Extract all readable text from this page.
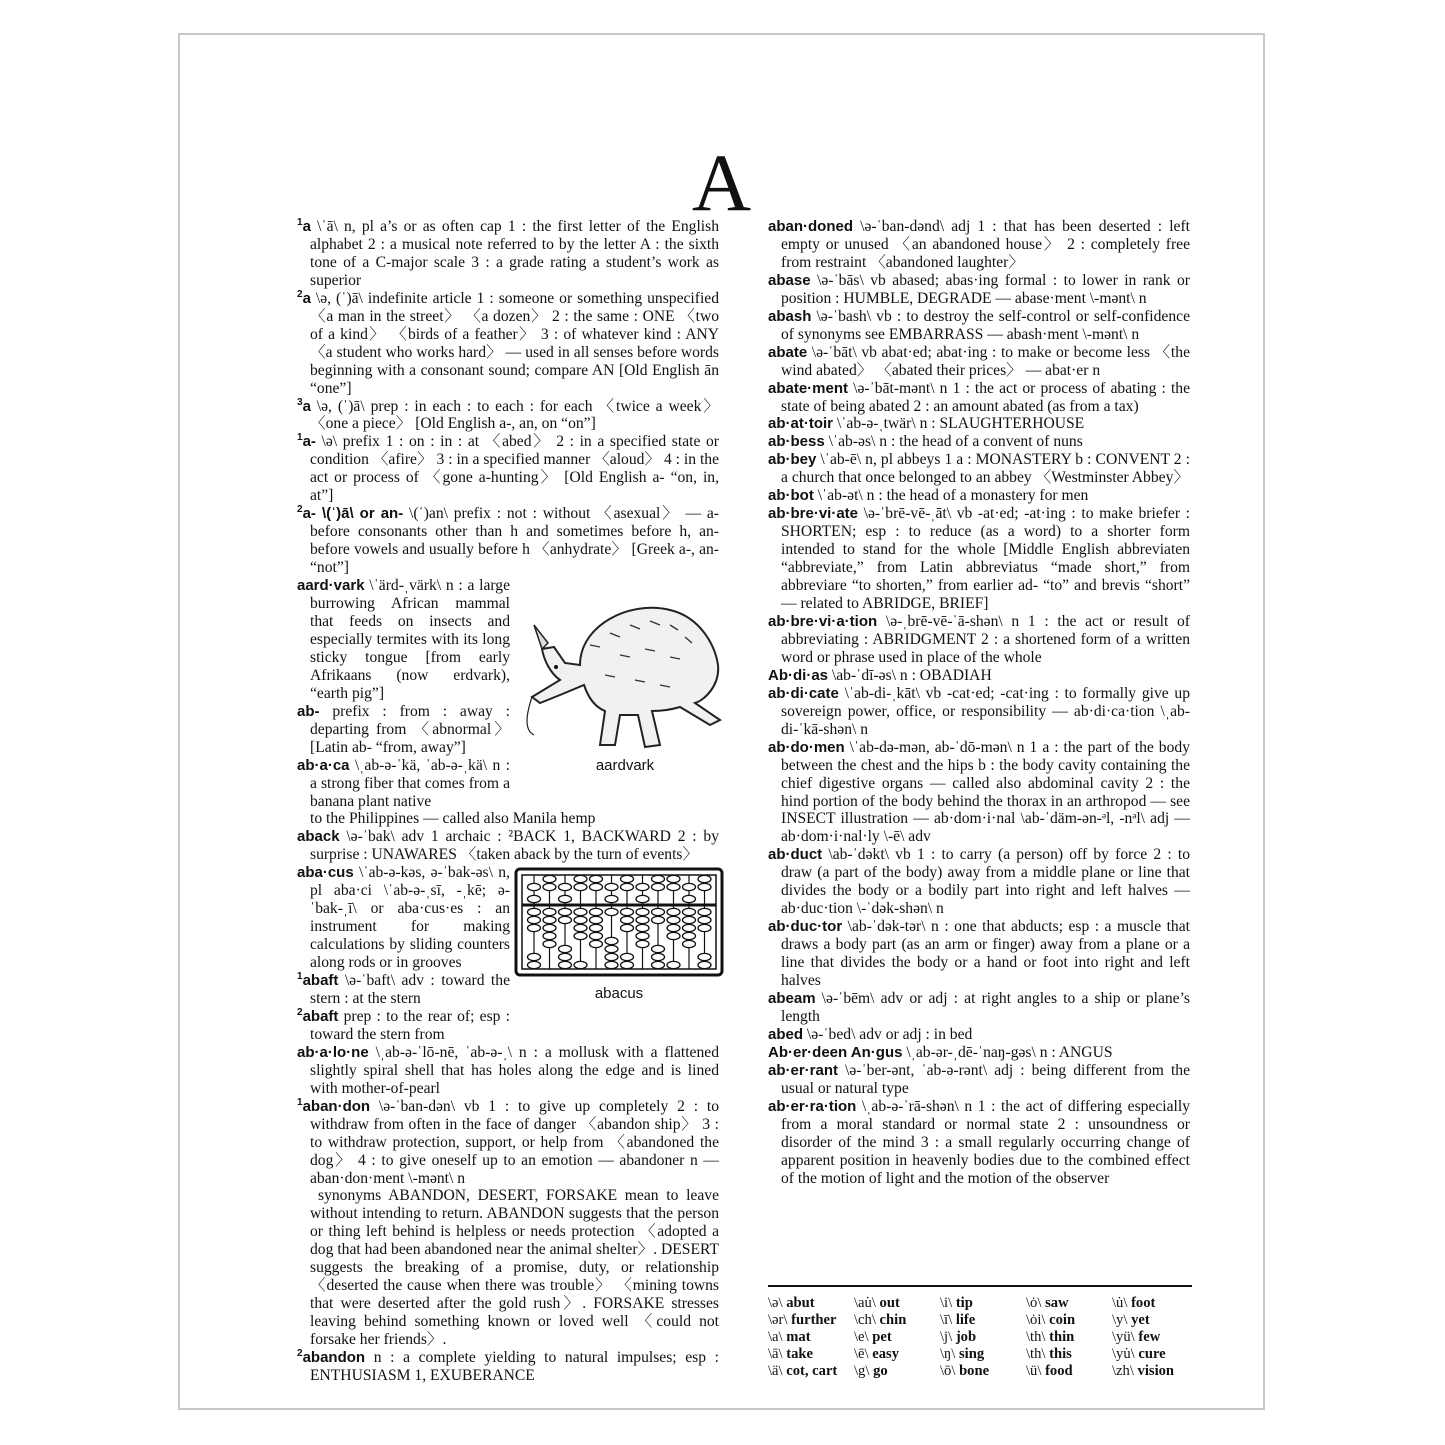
A

$^1$a \ˈā\ n, pl a’s or as often cap 1 : the first letter of the English alphabet 2 : a musical note referred to by the letter A : the sixth tone of a C-major scale 3 : a grade rating a student’s work as superior

$^2$a \ə, (ˈ)ā\ indefinite article 1 : someone or something unspecified 〈a man in the street〉 〈a dozen〉 2 : the same : ONE 〈two of a kind〉 〈birds of a feather〉 3 : of whatever kind : ANY 〈a student who works hard〉 — used in all senses before words beginning with a consonant sound; compare AN [Old English ān “one”]

$^3$a \ə, (ˈ)ā\ prep : in each : to each : for each 〈twice a week〉 〈one a piece〉 [Old English a-, an, on “on”]

$^1$a- \ə\ prefix 1 : on : in : at 〈abed〉 2 : in a specified state or condition 〈afire〉 3 : in a specified manner 〈aloud〉 4 : in the act or process of 〈gone a-hunting〉 [Old English a- “on, in, at”]

$^2$a- \(ˈ)ā\ or an- \(ˈ)an\ prefix : not : without 〈asexual〉 — a- before consonants other than h and sometimes before h, an- before vowels and usually before h 〈anhydrate〉 [Greek a-, an- “not”]

aard·vark \ˈärd-ˌvärk\ n : a large burrowing African mammal that feeds on insects and especially termites with its long sticky tongue [from early Afrikaans (now erdvark), “earth pig”]

ab- prefix : from : away : departing from 〈abnormal〉 [Latin ab- “from, away”]

ab·a·ca \ˌab-ə-ˈkä, ˈab-ə-ˌkä\ n : a strong fiber that comes from a banana plant native

to the Philippines — called also Manila hemp

aback \ə-ˈbak\ adv 1 archaic : ²BACK 1, BACKWARD 2 : by surprise : UNAWARES 〈taken aback by the turn of events〉

aba·cus \ˈab-ə-kəs, ə-ˈbak-əs\ n, pl aba·ci \ˈab-ə-ˌsī, -ˌkē; ə-ˈbak-ˌī\ or aba·cus·es : an instrument for making calculations by sliding counters along rods or in grooves

$^1$abaft \ə-ˈbaft\ adv : toward the stern : at the stern

$^2$abaft prep : to the rear of; esp : toward the stern from

ab·a·lo·ne \ˌab-ə-ˈlō-nē, ˈab-ə-ˌ\ n : a mollusk with a flattened slightly spiral shell that has holes along the edge and is lined with mother-of-pearl

$^1$aban·don \ə-ˈban-dən\ vb 1 : to give up completely 2 : to withdraw from often in the face of danger 〈abandon ship〉 3 : to withdraw protection, support, or help from 〈abandoned the dog〉 4 : to give oneself up to an emotion — abandoner n — aban·don·ment \-mənt\ n

synonyms ABANDON, DESERT, FORSAKE mean to leave without intending to return. ABANDON suggests that the person or thing left behind is helpless or needs protection 〈adopted a dog that had been abandoned near the animal shelter〉. DESERT suggests the breaking of a promise, duty, or relationship 〈deserted the cause when there was trouble〉 〈mining towns that were deserted after the gold rush〉. FORSAKE stresses leaving behind something known or loved well 〈could not forsake her friends〉.

$^2$abandon n : a complete yielding to natural impulses; esp : ENTHUSIASM 1, EXUBERANCE

aardvark
abacus

aban·doned \ə-ˈban-dənd\ adj 1 : that has been deserted : left empty or unused 〈an abandoned house〉 2 : completely free from restraint 〈abandoned laughter〉

abase \ə-ˈbās\ vb abased; abas·ing formal : to lower in rank or position : HUMBLE, DEGRADE — abase·ment \-mənt\ n

abash \ə-ˈbash\ vb : to destroy the self-control or self-confidence of synonyms see EMBARRASS — abash·ment \-mənt\ n

abate \ə-ˈbāt\ vb abat·ed; abat·ing : to make or become less 〈the wind abated〉 〈abated their prices〉 — abat·er n

abate·ment \ə-ˈbāt-mənt\ n 1 : the act or process of abating : the state of being abated 2 : an amount abated (as from a tax)

ab·at·toir \ˈab-ə-ˌtwär\ n : SLAUGHTERHOUSE

ab·bess \ˈab-əs\ n : the head of a convent of nuns

ab·bey \ˈab-ē\ n, pl abbeys 1 a : MONASTERY b : CONVENT 2 : a church that once belonged to an abbey 〈Westminster Abbey〉

ab·bot \ˈab-ət\ n : the head of a monastery for men

ab·bre·vi·ate \ə-ˈbrē-vē-ˌāt\ vb -at·ed; -at·ing : to make briefer : SHORTEN; esp : to reduce (as a word) to a shorter form intended to stand for the whole [Middle English abbreviaten “abbreviate,” from Latin abbreviatus “made short,” from abbreviare “to shorten,” from earlier ad- “to” and brevis “short” — related to ABRIDGE, BRIEF]

ab·bre·vi·a·tion \ə-ˌbrē-vē-ˈā-shən\ n 1 : the act or result of abbreviating : ABRIDGMENT 2 : a shortened form of a written word or phrase used in place of the whole

Ab·di·as \ab-ˈdī-əs\ n : OBADIAH

ab·di·cate \ˈab-di-ˌkāt\ vb -cat·ed; -cat·ing : to formally give up sovereign power, office, or responsibility — ab·di·ca·tion \ˌab-di-ˈkā-shən\ n

ab·do·men \ˈab-də-mən, ab-ˈdō-mən\ n 1 a : the part of the body between the chest and the hips b : the body cavity containing the chief digestive organs — called also abdominal cavity 2 : the hind portion of the body behind the thorax in an arthropod — see INSECT illustration — ab·dom·i·nal \ab-ˈdäm-ən-ᵊl, -nᵊl\ adj — ab·dom·i·nal·ly \-ē\ adv

ab·duct \ab-ˈdəkt\ vb 1 : to carry (a person) off by force 2 : to draw (a part of the body) away from a middle plane or line that divides the body or a bodily part into right and left halves — ab·duc·tion \-ˈdək-shən\ n

ab·duc·tor \ab-ˈdək-tər\ n : one that abducts; esp : a muscle that draws a body part (as an arm or finger) away from a plane or a line that divides the body or a hand or foot into right and left halves

abeam \ə-ˈbēm\ adv or adj : at right angles to a ship or plane’s length

abed \ə-ˈbed\ adv or adj : in bed

Ab·er·deen An·gus \ˌab-ər-ˌdē-ˈnaŋ-gəs\ n : ANGUS

ab·er·rant \ə-ˈber-ənt, ˈab-ə-rənt\ adj : being different from the usual or natural type

ab·er·ra·tion \ˌab-ə-ˈrā-shən\ n 1 : the act of differing especially from a moral standard or normal state 2 : unsoundness or disorder of the mind 3 : a small regularly occurring change of apparent position in heavenly bodies due to the combined effect of the motion of light and the motion of the observer

\ə\ abut	\au̇\ out	\i\ tip	\ȯ\ saw	\u̇\ foot
\ər\ further	\ch\ chin	\ī\ life	\ȯi\ coin	\y\ yet
\a\ mat	\e\ pet	\j\ job	\th\ thin	\yü\ few
\ā\ take	\ē\ easy	\ŋ\ sing	\th\ this	\yu̇\ cure
\ä\ cot, cart	\g\ go	\ō\ bone	\ü\ food	\zh\ vision
